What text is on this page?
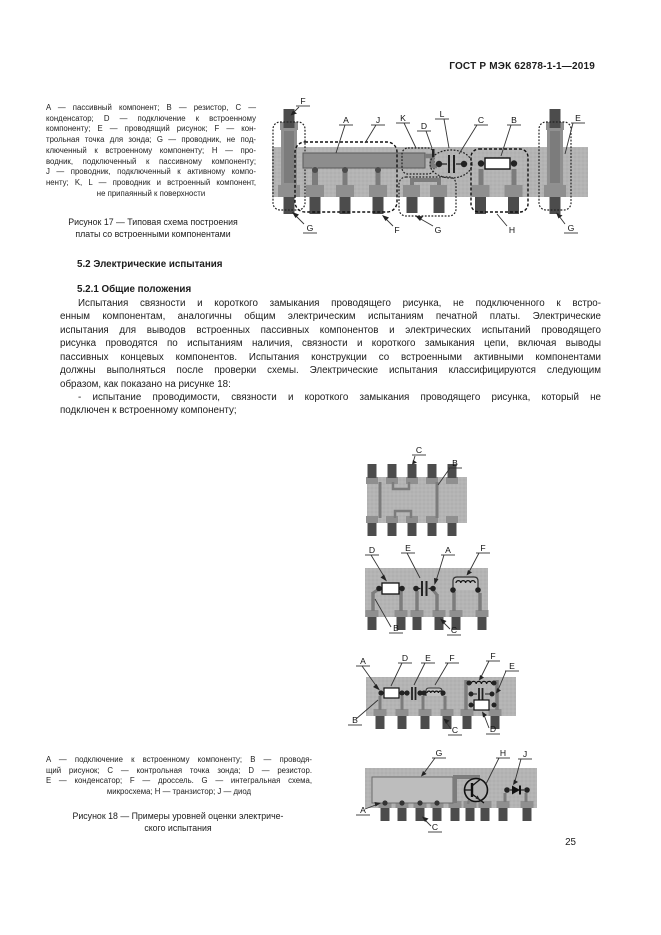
ГОСТ Р МЭК 62878-1-1—2019
A — пассивный компонент; B — резистор, C —
конденсатор; D — подключение к встроенному
компоненту; E — проводящий рисунок; F — кон-
трольная точка для зонда; G — проводник, не под-
ключенный к встроенному компоненту; H — про-
водник, подключенный к пассивному компоненту;
J — проводник, подключенный к активному компо-
ненту; K, L — проводник и встроенный компонент,
не припаянный к поверхности
Рисунок 17 — Типовая схема построения
платы со встроенными компонентами
F
A	J K
D
L
C	B	E
G	F	G	H	G
5.2 Электрические испытания
5.2.1 Общие положения
Испытания связности и короткого замыкания проводящего рисунка, не подключенного к встро-
енным компонентам, аналогичны общим электрическим испытаниям печатной платы. Электрические
испытания для выводов встроенных пассивных компонентов и электрических испытаний проводящего
рисунка проводятся по испытаниям наличия, связности и короткого замыкания цепи, включая выводы
пассивных концевых компонентов. Испытания конструкции со встроенными активными компонентами
должны выполняться после проверки схемы. Электрические испытания классифицируются следующим
образом, как показано на рисунке 18:
- испытание проводимости, связности и короткого замыкания проводящего рисунка, который не
подключен к встроенному компоненту;
C
B
D	E	A	F
B	C
A	D E F	F
E
B
C	D
G	H J
A
C
A — подключение к встроенному компоненту; B — проводя-
щий рисунок; C — контрольная точка зонда; D — резистор.
E — конденсатор; F — дроссель. G — интегральная схема,
микросхема; H — транзистор; J — диод
Рисунок 18 — Примеры уровней оценки электриче-
ского испытания
25
